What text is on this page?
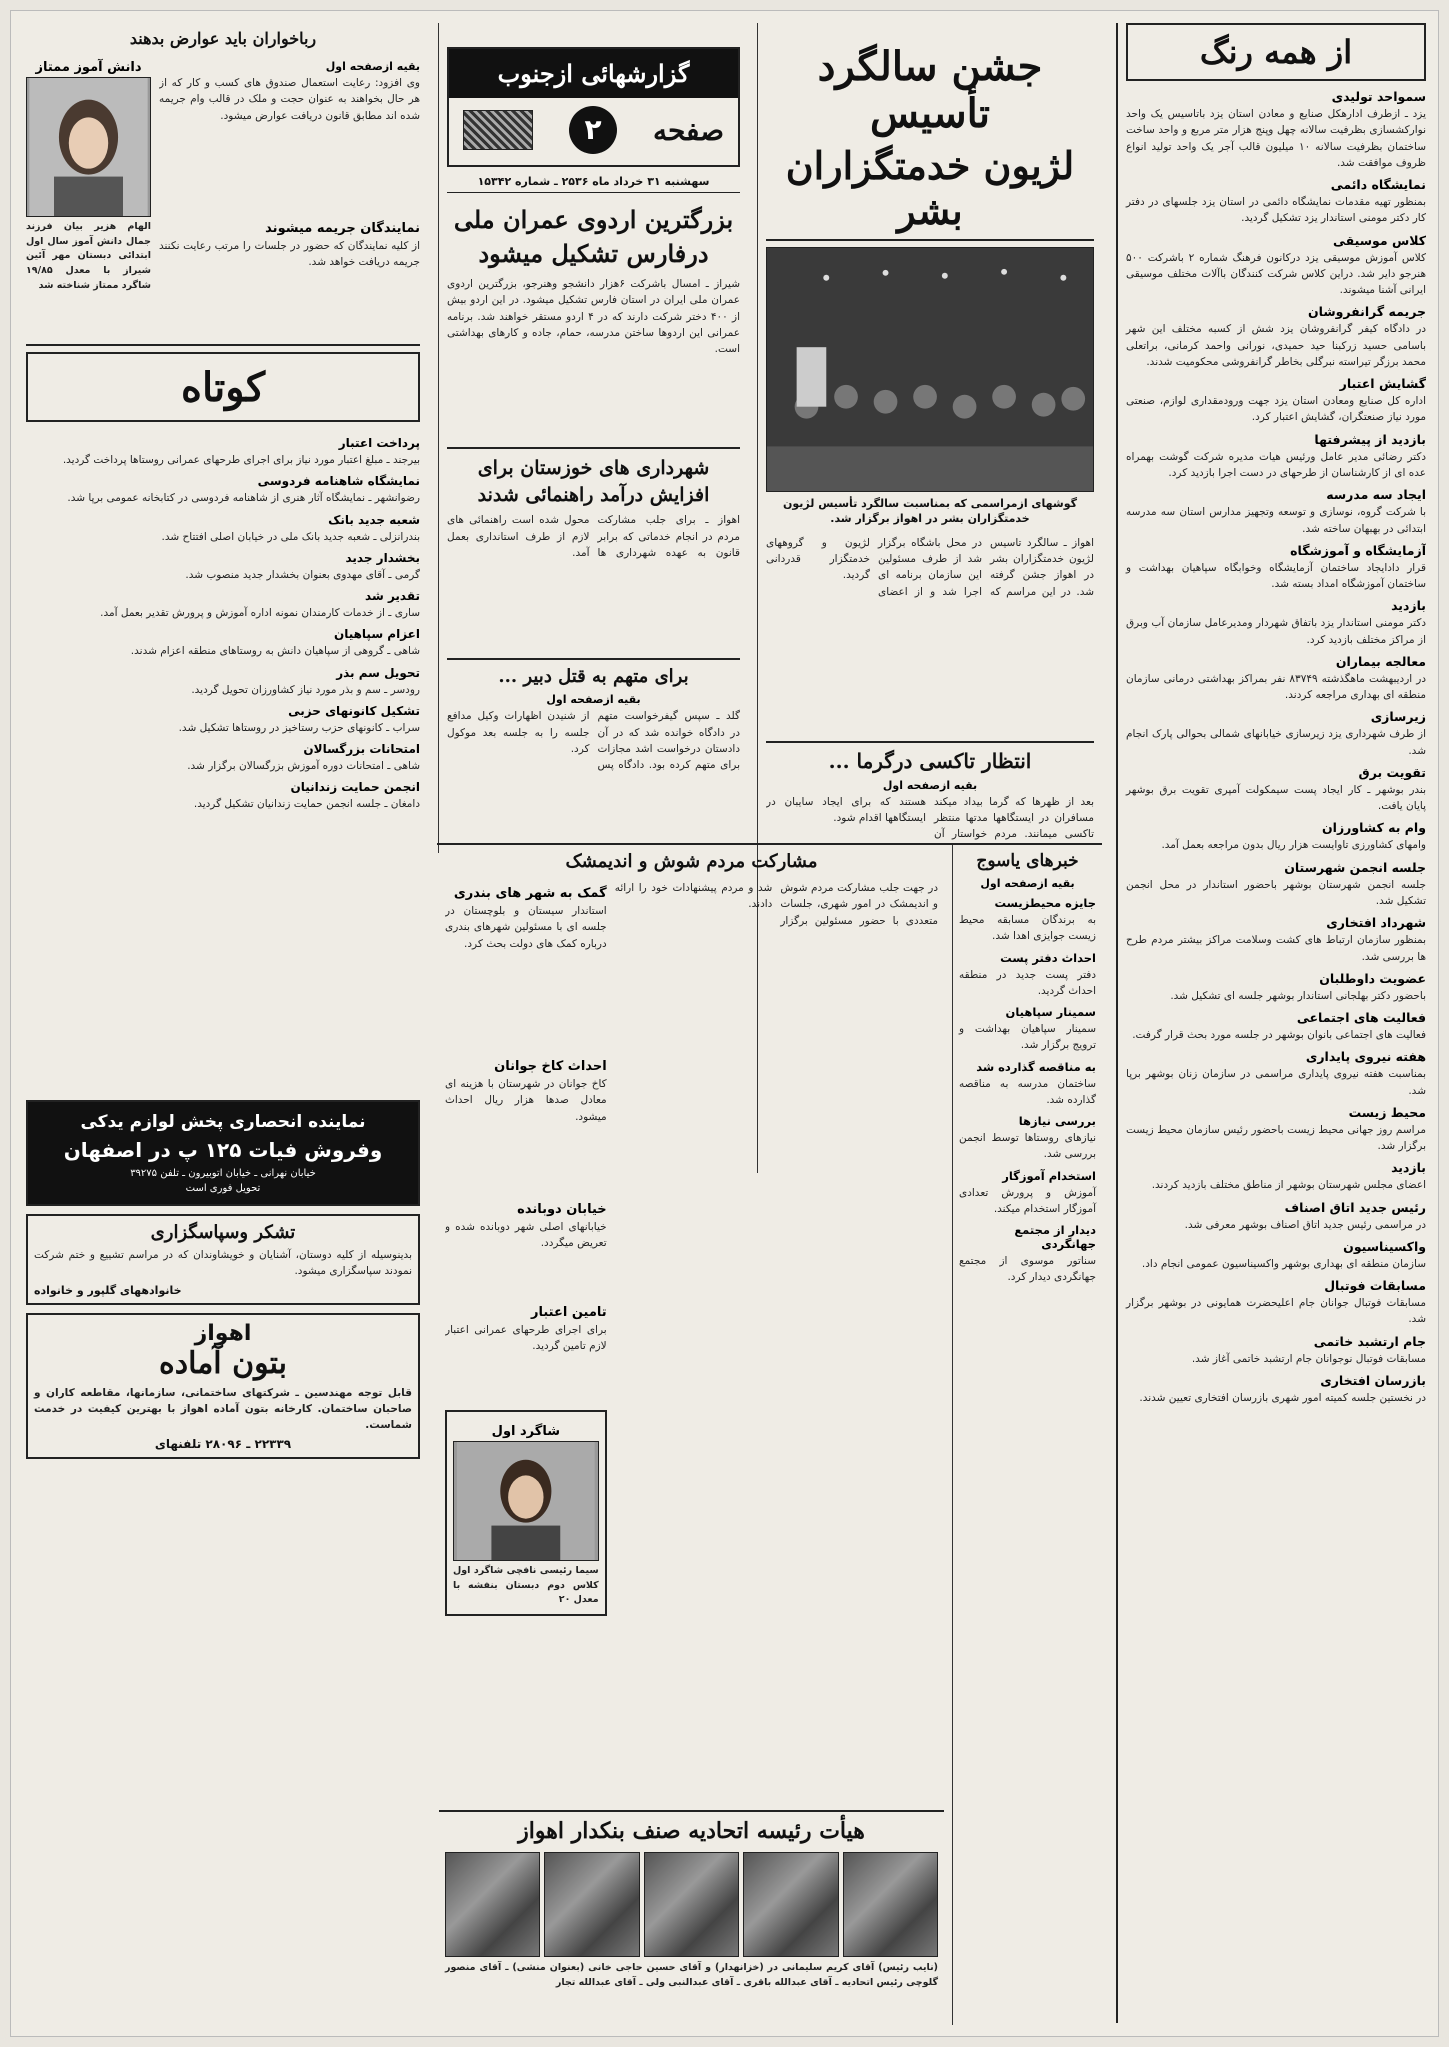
از همه رنگ
سمواحد تولیدی
یزد ـ ازطرف ادارهکل صنایع و معادن استان یزد باتاسیس یک واحد نوارکشسازی بظرفیت سالانه چهل وپنج هزار متر مربع و واحد ساخت ساختمان بظرفیت سالانه ۱۰ میلیون قالب آجر یک واحد تولید انواع ظروف موافقت شد.
نمایشگاه دائمی
بمنظور تهیه مقدمات نمایشگاه دائمی در استان یزد جلسهای در دفتر کار دکتر مومنی استاندار یزد تشکیل گردید.
کلاس موسیقی
کلاس آموزش موسیقی یزد درکانون فرهنگ شماره ۲ باشرکت ۵۰۰ هنرجو دایر شد. دراین کلاس شرکت کنندگان باآلات مختلف موسیقی ایرانی آشنا میشوند.
جریمه گرانفروشان
در دادگاه کیفر گرانفروشان یزد شش از کسبه مختلف این شهر باسامی حسید زرکبنا حید حمیدی، نورانی واحمد کرمانی، براتعلی محمد برزگر تیراسته نبرگلی بخاطر گرانفروشی محکومیت شدند.
گشایش اعتبار
اداره کل صنایع ومعادن استان یزد جهت ورودمقداری لوازم، صنعتی مورد نیاز صنعتگران، گشایش اعتبار کرد.
بازدید از پیشرفتها
دکتر رضائی مدیر عامل ورئیس هیات مدیره شرکت گوشت بهمراه عده ای از کارشناسان از طرحهای در دست اجرا بازدید کرد.
ایجاد سه مدرسه
با شرکت گروه، نوسازی و توسعه وتجهیز مدارس استان سه مدرسه ابتدائی در بهبهان ساخته شد.
آزمایشگاه و آموزشگاه
قرار دادایجاد ساختمان آزمایشگاه وخوابگاه سپاهیان بهداشت و ساختمان آموزشگاه امداد بسته شد.
بازدید
دکتر مومنی استاندار یزد باتفاق شهردار ومدیرعامل سازمان آب وبرق از مراکز مختلف بازدید کرد.
معالجه بیماران
در اردیبهشت ماهگذشته ۸۳۷۴۹ نفر بمراکز بهداشتی درمانی سازمان منطقه ای بهداری مراجعه کردند.
زیرسازی
از طرف شهرداری یزد زیرسازی خیابانهای شمالی بحوالی پارک انجام شد.
تقویت برق
بندر بوشهر ـ کار ایجاد پست سیمکولت آمپری تقویت برق بوشهر پایان یافت.
وام به کشاورزان
وامهای کشاورزی تاوایست هزار ریال بدون مراجعه بعمل آمد.
جلسه انجمن شهرستان
جلسه انجمن شهرستان بوشهر باحضور استاندار در محل انجمن تشکیل شد.
شهرداد افتخاری
بمنظور سازمان ارتباط های کشت وسلامت مراکز بیشتر مردم طرح ها بررسی شد.
عضویت داوطلبان
باحضور دکتر بهلجانی استاندار بوشهر جلسه ای تشکیل شد.
فعالیت های اجتماعی
فعالیت های اجتماعی بانوان بوشهر در جلسه مورد بحث قرار گرفت.
هفته نیروی پایداری
بمناسبت هفته نیروی پایداری مراسمی در سازمان زنان بوشهر برپا شد.
محیط زیست
مراسم روز جهانی محیط زیست باحضور رئیس سازمان محیط زیست برگزار شد.
بازدید
اعضای مجلس شهرستان بوشهر از مناطق مختلف بازدید کردند.
رئیس جدید اتاق اصناف
در مراسمی رئیس جدید اتاق اصناف بوشهر معرفی شد.
واکسیناسیون
سازمان منطقه ای بهداری بوشهر واکسیناسیون عمومی انجام داد.
مسابقات فوتبال
مسابقات فوتبال جوانان جام اعلیحضرت همایونی در بوشهر برگزار شد.
جام ارتشبد خاتمی
مسابقات فوتبال نوجوانان جام ارتشبد خاتمی آغاز شد.
بازرسان افتخاری
در نخستین جلسه کمیته امور شهری بازرسان افتخاری تعیین شدند.
جشن سالگرد تأسیس
لژیون خدمتگزاران بشر
گوشهای ازمراسمی که بمناسبت سالگرد تأسیس لژیون خدمتگزاران بشر در اهواز برگزار شد.
اهواز ـ سالگرد تاسیس لژیون خدمتگزاران بشر در اهواز جشن گرفته شد. در این مراسم که در محل باشگاه برگزار شد از طرف مسئولین این سازمان برنامه ای اجرا شد و از اعضای لژیون و گروههای خدمتگزار قدردانی گردید.
انتظار تاکسی درگرما ...
بقیه ازصفحه اول
بعد از ظهرها که گرما بیداد میکند مسافران در ایستگاهها مدتها منتظر تاکسی میمانند. مردم خواستار آن هستند که برای ایجاد سایبان در ایستگاهها اقدام شود.
گزارشهائی ازجنوب
صفحه
۲
سهشنبه ۳۱ خرداد ماه ۲۵۳۶ ـ شماره ۱۵۳۴۲
بزرگترین اردوی عمران ملی درفارس تشکیل میشود
شیراز ـ امسال باشرکت ۶هزار دانشجو وهنرجو، بزرگترین اردوی عمران ملی ایران در استان فارس تشکیل میشود. در این اردو بیش از ۴۰۰ دختر شرکت دارند که در ۴ اردو مستقر خواهند شد. برنامه عمرانی این اردوها ساختن مدرسه، حمام، جاده و کارهای بهداشتی است.
شهرداری های خوزستان برای افزایش درآمد راهنمائی شدند
اهواز ـ برای جلب مشارکت مردم در انجام خدماتی که برابر قانون به عهده شهرداری ها محول شده است راهنمائی های لازم از طرف استانداری بعمل آمد.
برای متهم به قتل دبیر ...
بقیه ازصفحه اول
گلد ـ سپس گیفرخواست متهم در دادگاه خوانده شد که در آن دادستان درخواست اشد مجازات برای متهم کرده بود. دادگاه پس از شنیدن اظهارات وکیل مدافع جلسه را به جلسه بعد موکول کرد.
رباخواران باید عوارض بدهند
بقیه ازصفحه اول
وی افزود: رعایت استعمال صندوق های کسب و کار که از هر حال بخواهند به عنوان حجت و ملک در قالب وام جریمه شده اند مطابق قانون دریافت عوارض میشود.
نمایندگان جریمه میشوند
از کلیه نمایندگان که حضور در جلسات را مرتب رعایت نکنند جریمه دریافت خواهد شد.
دانش آموز ممتاز
الهام هزیر بیان فرزند جمال دانش آموز سال اول ابتدائی دبستان مهر آئین شیراز با معدل ۱۹/۸۵ شاگرد ممتاز شناخته شد
کوتاه
پرداخت اعتبار
بیرجند ـ مبلغ اعتبار مورد نیاز برای اجرای طرحهای عمرانی روستاها پرداخت گردید.
نمایشگاه شاهنامه فردوسی
رضوانشهر ـ نمایشگاه آثار هنری از شاهنامه فردوسی در کتابخانه عمومی برپا شد.
شعبه جدید بانک
بندرانزلی ـ شعبه جدید بانک ملی در خیابان اصلی افتتاح شد.
بخشدار جدید
گرمی ـ آقای مهدوی بعنوان بخشدار جدید منصوب شد.
تقدیر شد
ساری ـ از خدمات کارمندان نمونه اداره آموزش و پرورش تقدیر بعمل آمد.
اعزام سپاهیان
شاهی ـ گروهی از سپاهیان دانش به روستاهای منطقه اعزام شدند.
تحویل سم بذر
رودسر ـ سم و بذر مورد نیاز کشاورزان تحویل گردید.
تشکیل کانونهای حزبی
سراب ـ کانونهای حزب رستاخیز در روستاها تشکیل شد.
امتحانات بزرگسالان
شاهی ـ امتحانات دوره آموزش بزرگسالان برگزار شد.
انجمن حمایت زندانیان
دامغان ـ جلسه انجمن حمایت زندانیان تشکیل گردید.
نماینده انحصاری پخش لوازم یدکی
وفروش فیات ۱۲۵ پ در اصفهان
خیابان نهرانی ـ خیابان اتوبیرون ـ تلفن ۳۹۲۷۵
تحویل فوری است
تشکر وسپاسگزاری
بدینوسیله از کلیه دوستان، آشنایان و خویشاوندان که در مراسم تشییع و ختم شرکت نمودند سپاسگزاری میشود.
خانوادههای گلپور و خانواده
اهواز
بتون آماده
قابل توجه مهندسین ـ شرکتهای ساختمانی، سازمانها، مقاطعه کاران و صاحبان ساختمان. کارخانه بتون آماده اهواز با بهترین کیفیت در خدمت شماست.
۲۲۳۳۹ ـ ۲۸۰۹۶ تلفنهای
خبرهای یاسوج
بقیه ازصفحه اول
جایزه محیطزیست
به برندگان مسابقه محیط زیست جوایزی اهدا شد.
احداث دفتر پست
دفتر پست جدید در منطقه احداث گردید.
سمینار سپاهیان
سمینار سپاهیان بهداشت و ترویج برگزار شد.
به مناقصه گذارده شد
ساختمان مدرسه به مناقصه گذارده شد.
بررسی نیازها
نیازهای روستاها توسط انجمن بررسی شد.
استخدام آموزگار
آموزش و پرورش تعدادی آموزگار استخدام میکند.
دیدار از مجتمع جهانگردی
سناتور موسوی از مجتمع جهانگردی دیدار کرد.
مشارکت مردم شوش و اندیمشک
در جهت جلب مشارکت مردم شوش و اندیمشک در امور شهری، جلسات متعددی با حضور مسئولین برگزار شد و مردم پیشنهادات خود را ارائه دادند.
گمک به شهر های بندری
استاندار سیستان و بلوچستان در جلسه ای با مسئولین شهرهای بندری درباره کمک های دولت بحث کرد.
احداث کاخ جوانان
کاخ جوانان در شهرستان با هزینه ای معادل صدها هزار ریال احداث میشود.
خیابان دوبانده
خیابانهای اصلی شهر دوبانده شده و تعریض میگردد.
تامین اعتبار
برای اجرای طرحهای عمرانی اعتبار لازم تامین گردید.
شاگرد اول
سیما رئیسی نافچی شاگرد اول کلاس دوم دبستان بنفشه با معدل ۲۰
هیأت رئیسه اتحادیه صنف بنکدار اهواز
(نایب رئیس) آقای کریم سلیمانی در (خزانهدار) و آقای حسین حاجی خانی (بعنوان منشی) ـ آقای منصور گلوچی رئیس اتحادیه ـ آقای عبدالله باقری ـ آقای عبدالنبی ولی ـ آقای عبدالله تجار
